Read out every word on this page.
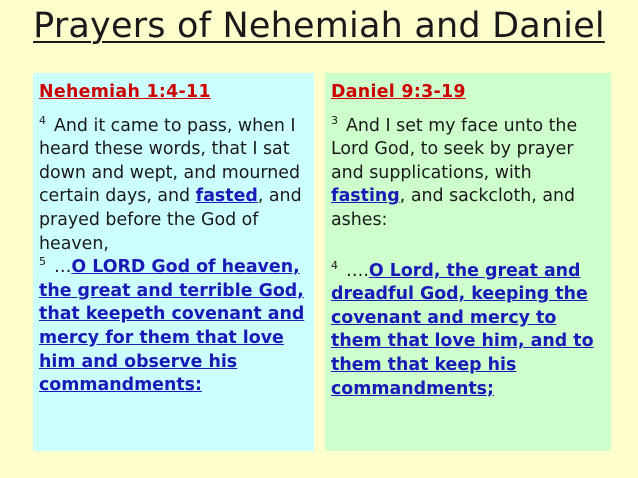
Prayers of Nehemiah and Daniel
Nehemiah 1:4-11

$^4$ And it came to pass, when I heard these words, that I sat down and wept, and mourned certain days, and fasted, and prayed before the God of heaven,

$^5$ …O LORD God of heaven, the great and terrible God, that keepeth covenant and mercy for them that love him and observe his commandments:

Daniel 9:3-19

$^3$ And I set my face unto the Lord God, to seek by prayer and supplications, with fasting, and sackcloth, and ashes:

$^4$ ….O Lord, the great and dreadful God, keeping the covenant and mercy to them that love him, and to them that keep his commandments;
